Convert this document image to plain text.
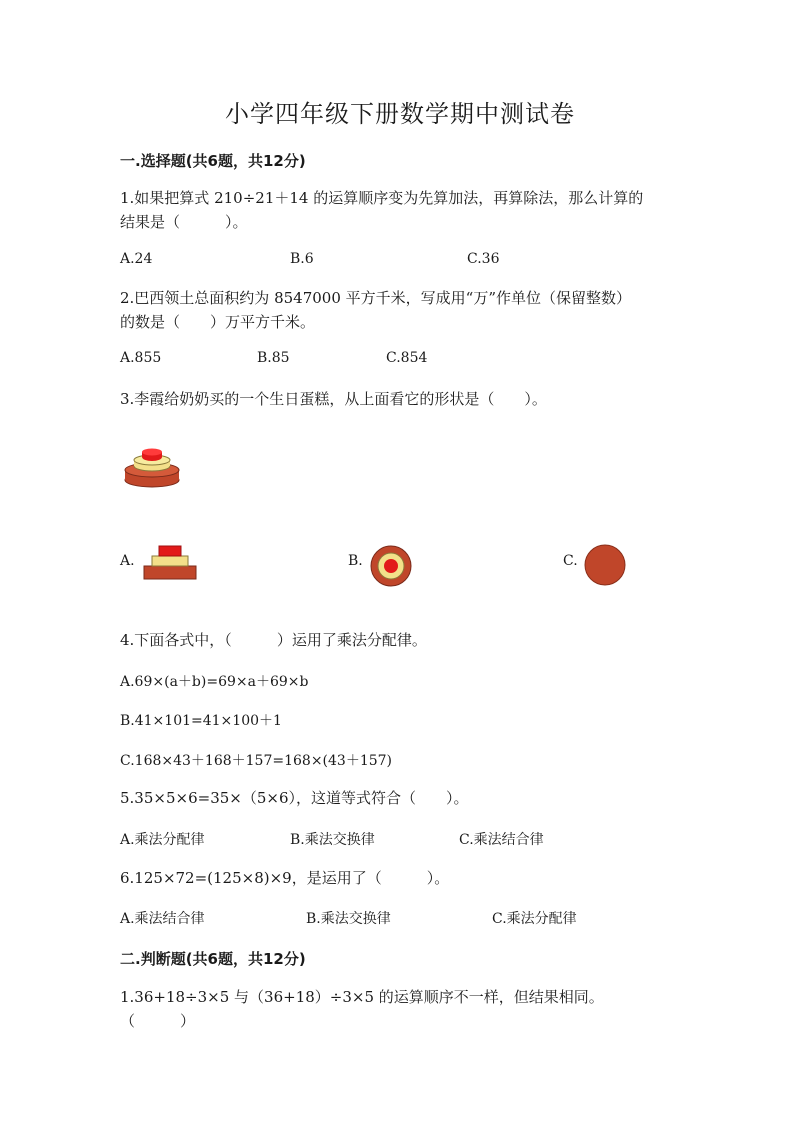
小学四年级下册数学期中测试卷
一.选择题(共6题，共12分)
1.如果把算式 210÷21＋14 的运算顺序变为先算加法，再算除法，那么计算的
结果是（　　　）。
A.24	B.6	C.36
2.巴西领土总面积约为 8547000 平方千米，写成用“万”作单位（保留整数）
的数是（　　）万平方千米。
A.855	B.85	C.854
3.李霞给奶奶买的一个生日蛋糕，从上面看它的形状是（　　）。
A.	B.	C.
4.下面各式中，（　　　）运用了乘法分配律。
A.69×(a＋b)=69×a＋69×b
B.41×101=41×100＋1
C.168×43＋168＋157=168×(43＋157)
5.35×5×6=35×（5×6），这道等式符合（　　）。
A.乘法分配律	B.乘法交换律	C.乘法结合律
6.125×72=(125×8)×9，是运用了（　　　）。
A.乘法结合律	B.乘法交换律	C.乘法分配律
二.判断题(共6题，共12分)
1.36+18÷3×5 与（36+18）÷3×5 的运算顺序不一样，但结果相同。
（　　　）
